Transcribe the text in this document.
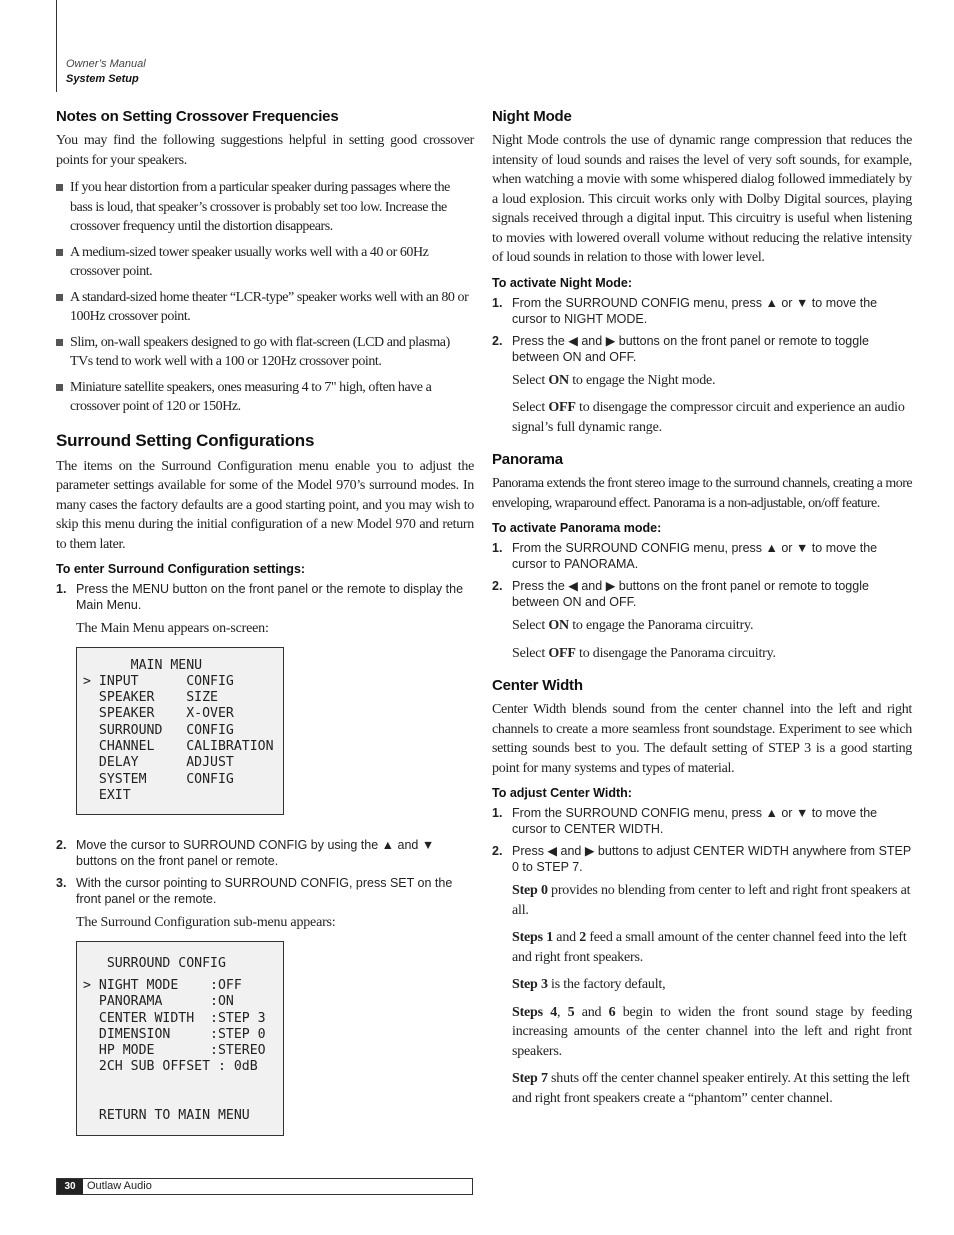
Owner’s Manual
System Setup
Notes on Setting Crossover Frequencies

You may find the following suggestions helpful in setting good crossover points for your speakers.

If you hear distortion from a particular speaker during passages where the bass is loud, that speaker’s crossover is probably set too low. Increase the crossover frequency until the distortion disappears.
A medium-sized tower speaker usually works well with a 40 or 60Hz crossover point.
A standard-sized home theater “LCR-type” speaker works well with an 80 or 100Hz crossover point.
Slim, on-wall speakers designed to go with flat-screen (LCD and plasma) TVs tend to work well with a 100 or 120Hz crossover point.
Miniature satellite speakers, ones measuring 4 to 7" high, often have a crossover point of 120 or 150Hz.
Surround Setting Configurations

The items on the Surround Configuration menu enable you to adjust the parameter settings available for some of the Model 970’s surround modes. In many cases the factory defaults are a good starting point, and you may wish to skip this menu during the initial configuration of a new Model 970 and return to them later.

To enter Surround Configuration settings:
1. Press the MENU button on the front panel or the remote to display the Main Menu.

The Main Menu appears on-screen:

MAIN MENU
> INPUT      CONFIG
SPEAKER    SIZE
SPEAKER    X-OVER
SURROUND   CONFIG
CHANNEL    CALIBRATION
DELAY      ADJUST
SYSTEM     CONFIG
EXIT
2. Move the cursor to SURROUND CONFIG by using the ▲ and ▼ buttons on the front panel or remote.
3. With the cursor pointing to SURROUND CONFIG, press SET on the front panel or the remote.

The Surround Configuration sub-menu appears:

SURROUND CONFIG
> NIGHT MODE    :OFF
PANORAMA      :ON
CENTER WIDTH  :STEP 3
DIMENSION     :STEP 0
HP MODE       :STEREO
2CH SUB OFFSET : 0dB

RETURN TO MAIN MENU
Night Mode

Night Mode controls the use of dynamic range compression that reduces the intensity of loud sounds and raises the level of very soft sounds, for example, when watching a movie with some whispered dialog followed immediately by a loud explosion. This circuit works only with Dolby Digital sources, playing signals received through a digital input. This circuitry is useful when listening to movies with lowered overall volume without reducing the relative intensity of loud sounds in relation to those with lower level.

To activate Night Mode:
1. From the SURROUND CONFIG menu, press ▲ or ▼ to move the cursor to NIGHT MODE.
2. Press the ◀ and ▶ buttons on the front panel or remote to toggle between ON and OFF.

Select ON to engage the Night mode.

Select OFF to disengage the compressor circuit and experience an audio signal’s full dynamic range.

Panorama

Panorama extends the front stereo image to the surround channels, creating a more enveloping, wraparound effect. Panorama is a non-adjustable, on/off feature.

To activate Panorama mode:
1. From the SURROUND CONFIG menu, press ▲ or ▼ to move the cursor to PANORAMA.
2. Press the ◀ and ▶ buttons on the front panel or remote to toggle between ON and OFF.

Select ON to engage the Panorama circuitry.

Select OFF to disengage the Panorama circuitry.

Center Width

Center Width blends sound from the center channel into the left and right channels to create a more seamless front soundstage. Experiment to see which setting sounds best to you. The default setting of STEP 3 is a good starting point for many systems and types of material.

To adjust Center Width:
1. From the SURROUND CONFIG menu, press ▲ or ▼ to move the cursor to CENTER WIDTH.
2. Press ◀ and ▶ buttons to adjust CENTER WIDTH anywhere from STEP 0 to STEP 7.

Step 0 provides no blending from center to left and right front speakers at all.

Steps 1 and 2 feed a small amount of the center channel feed into the left and right front speakers.

Step 3 is the factory default,

Steps 4, 5 and 6 begin to widen the front sound stage by feeding increasing amounts of the center channel into the left and right front speakers.

Step 7 shuts off the center channel speaker entirely. At this setting the left and right front speakers create a “phantom” center channel.

30	Outlaw Audio
